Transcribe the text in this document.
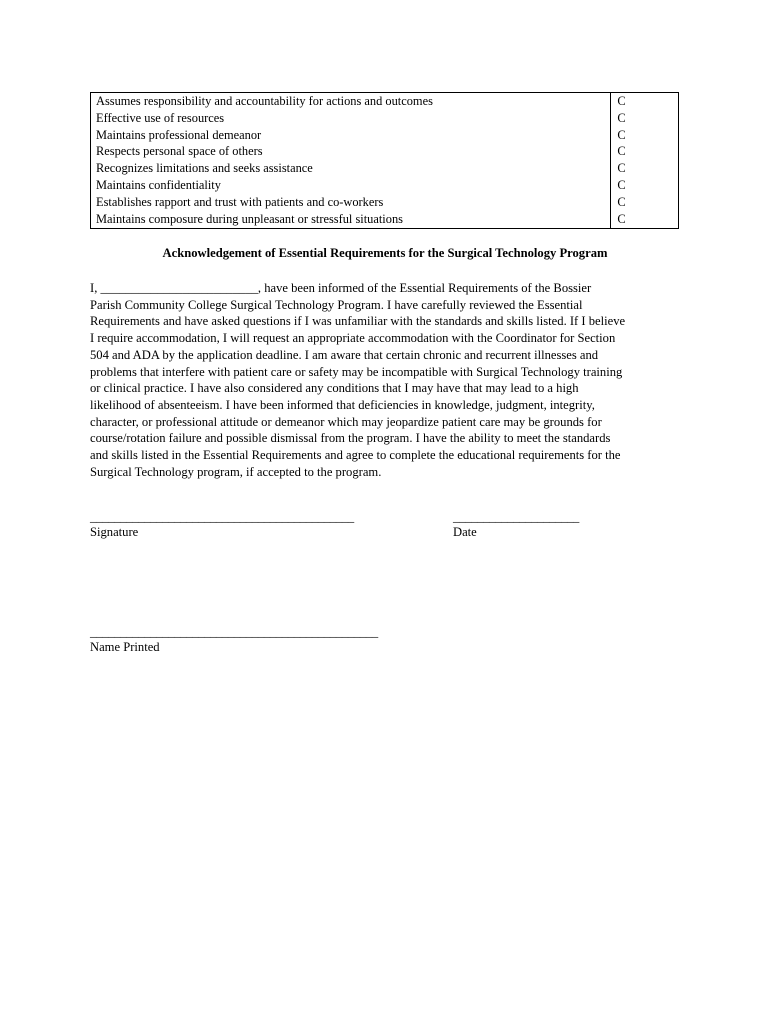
Assumes responsibility and accountability for actions and outcomes	C
Effective use of resources	C
Maintains professional demeanor	C
Respects personal space of others	C
Recognizes limitations and seeks assistance	C
Maintains confidentiality	C
Establishes rapport and trust with patients and co-workers	C
Maintains composure during unpleasant or stressful situations	C
Acknowledgement of Essential Requirements for the Surgical Technology Program
I, _________________________, have been informed of the Essential Requirements of the Bossier
Parish Community College Surgical Technology Program. I have carefully reviewed the Essential
Requirements and have asked questions if I was unfamiliar with the standards and skills listed. If I believe
I require accommodation, I will request an appropriate accommodation with the Coordinator for Section
504 and ADA by the application deadline. I am aware that certain chronic and recurrent illnesses and
problems that interfere with patient care or safety may be incompatible with Surgical Technology training
or clinical practice. I have also considered any conditions that I may have that may lead to a high
likelihood of absenteeism. I have been informed that deficiencies in knowledge, judgment, integrity,
character, or professional attitude or demeanor which may jeopardize patient care may be grounds for
course/rotation failure and possible dismissal from the program. I have the ability to meet the standards
and skills listed in the Essential Requirements and agree to complete the educational requirements for the
Surgical Technology program, if accepted to the program.
____________________________________________
Signature
_____________________
Date
________________________________________________
Name Printed
